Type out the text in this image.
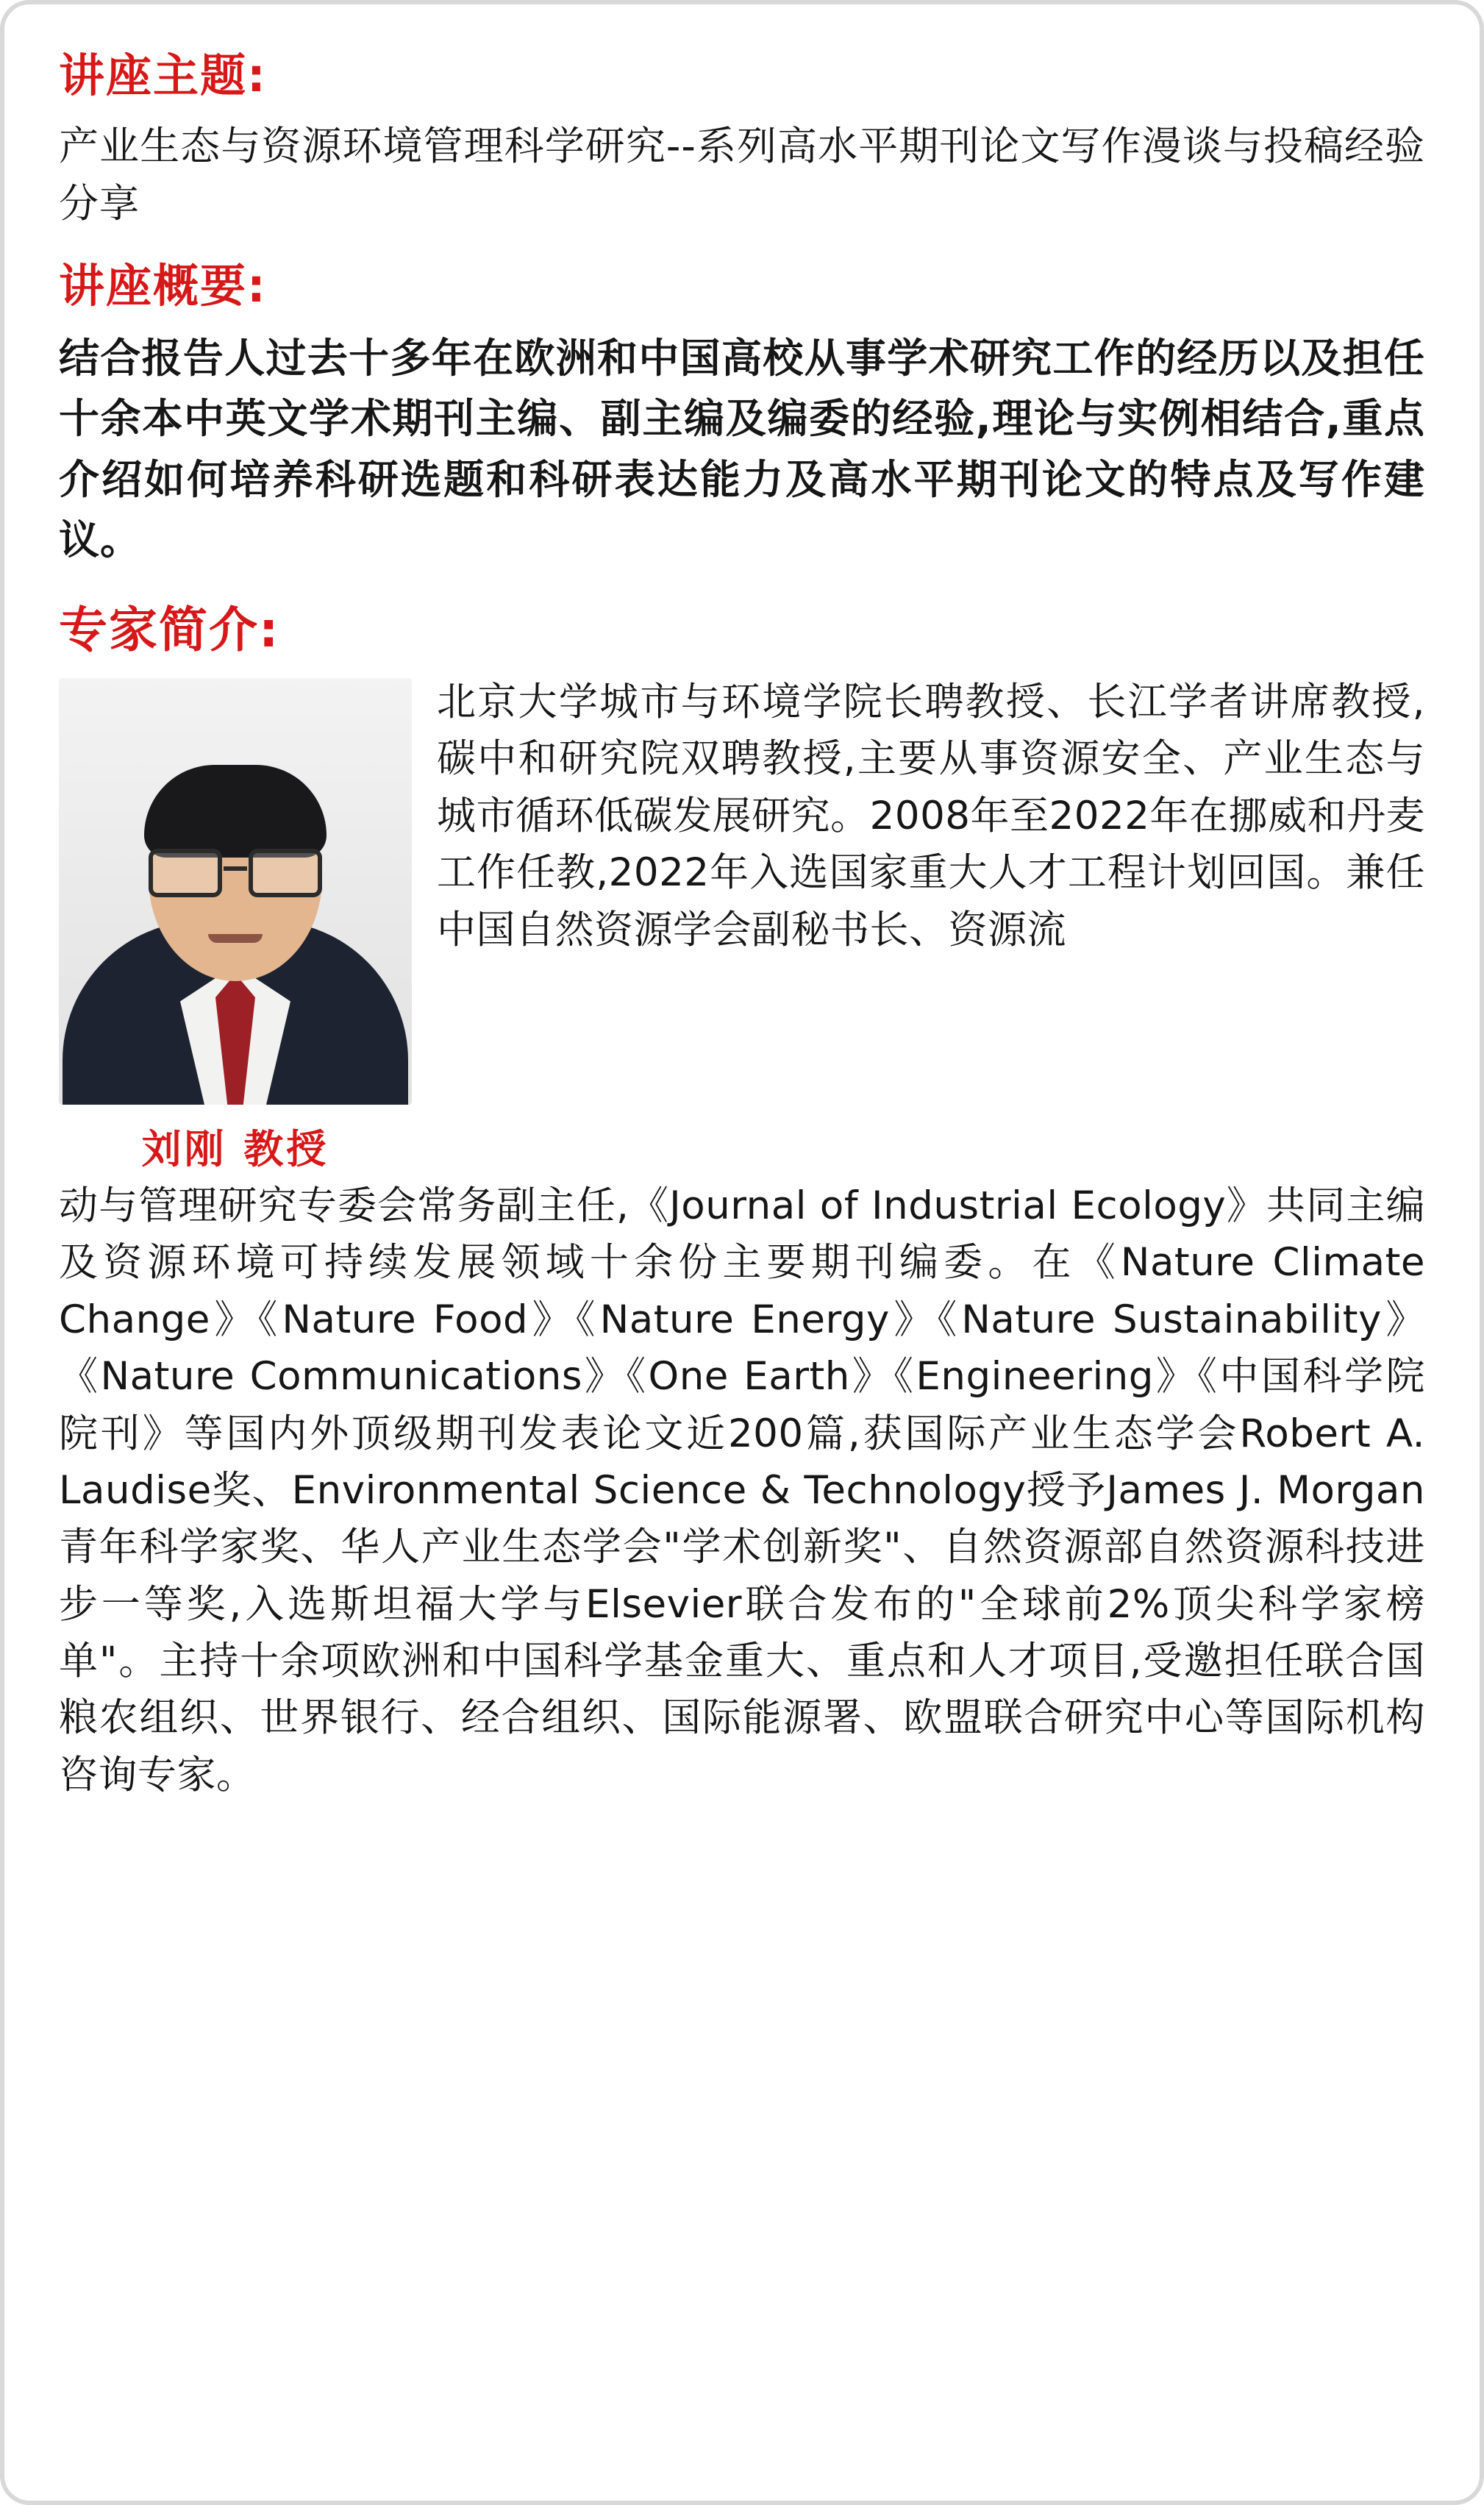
讲座主题:

产业生态与资源环境管理科学研究--系列高水平期刊论文写作漫谈与投稿经验分享

讲座概要:

结合报告人过去十多年在欧洲和中国高校从事学术研究工作的经历以及担任十余本中英文学术期刊主编、副主编及编委的经验,理论与实例相结合,重点介绍如何培养科研选题和科研表达能力及高水平期刊论文的特点及写作建议。

专家简介:
刘刚 教授

北京大学城市与环境学院长聘教授、长江学者讲席教授,碳中和研究院双聘教授,主要从事资源安全、产业生态与城市循环低碳发展研究。2008年至2022年在挪威和丹麦工作任教,2022年入选国家重大人才工程计划回国。兼任中国自然资源学会副秘书长、资源流

动与管理研究专委会常务副主任,《Journal of Industrial Ecology》共同主编及资源环境可持续发展领域十余份主要期刊编委。在《Nature Climate Change》《Nature Food》《Nature Energy》《Nature Sustainability》《Nature Communications》《One Earth》《Engineering》《中国科学院院刊》等国内外顶级期刊发表论文近200篇,获国际产业生态学会Robert A. Laudise奖、Environmental Science & Technology授予James J. Morgan青年科学家奖、华人产业生态学会"学术创新奖"、自然资源部自然资源科技进步一等奖,入选斯坦福大学与Elsevier联合发布的"全球前2%顶尖科学家榜单"。主持十余项欧洲和中国科学基金重大、重点和人才项目,受邀担任联合国粮农组织、世界银行、经合组织、国际能源署、欧盟联合研究中心等国际机构咨询专家。
